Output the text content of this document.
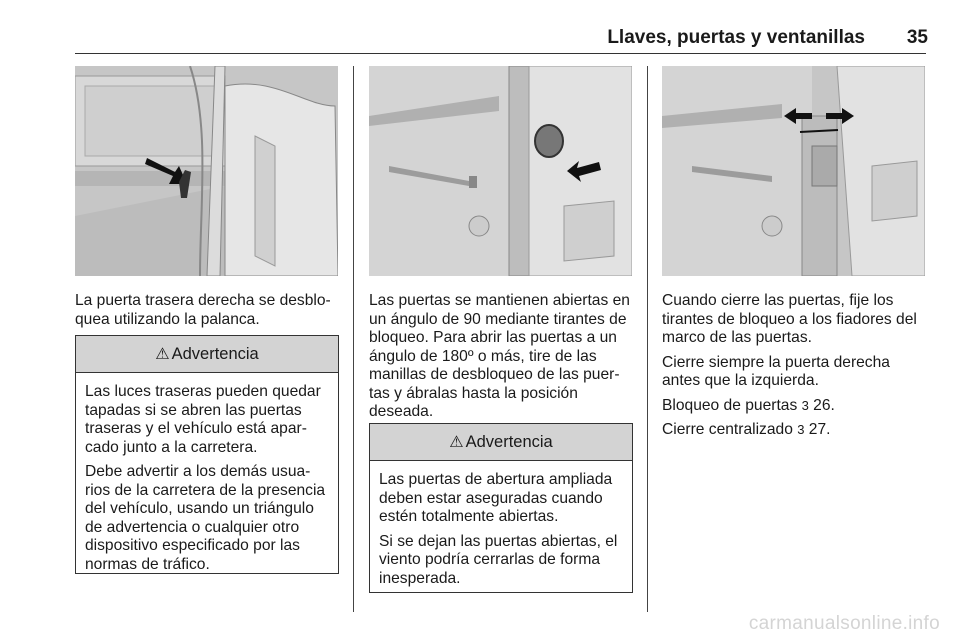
Llaves, puertas y ventanillas	35

La puerta trasera derecha se desblo-quea utilizando la palanca.

⚠ Advertencia

Las luces traseras pueden quedar tapadas si se abren las puertas traseras y el vehículo está apar-cado junto a la carretera.

Debe advertir a los demás usua-rios de la carretera de la presencia del vehículo, usando un triángulo de advertencia o cualquier otro dispositivo especificado por las normas de tráfico.

Las puertas se mantienen abiertas en un ángulo de 90 mediante tirantes de bloqueo. Para abrir las puertas a un ángulo de 180º o más, tire de las manillas de desbloqueo de las puer-tas y ábralas hasta la posición deseada.

⚠ Advertencia

Las puertas de abertura ampliada deben estar aseguradas cuando estén totalmente abiertas.

Si se dejan las puertas abiertas, el viento podría cerrarlas de forma inesperada.

Cuando cierre las puertas, fije los tirantes de bloqueo a los fiadores del marco de las puertas.

Cierre siempre la puerta derecha antes que la izquierda.

Bloqueo de puertas 3 26.

Cierre centralizado 3 27.

carmanualsonline.info
